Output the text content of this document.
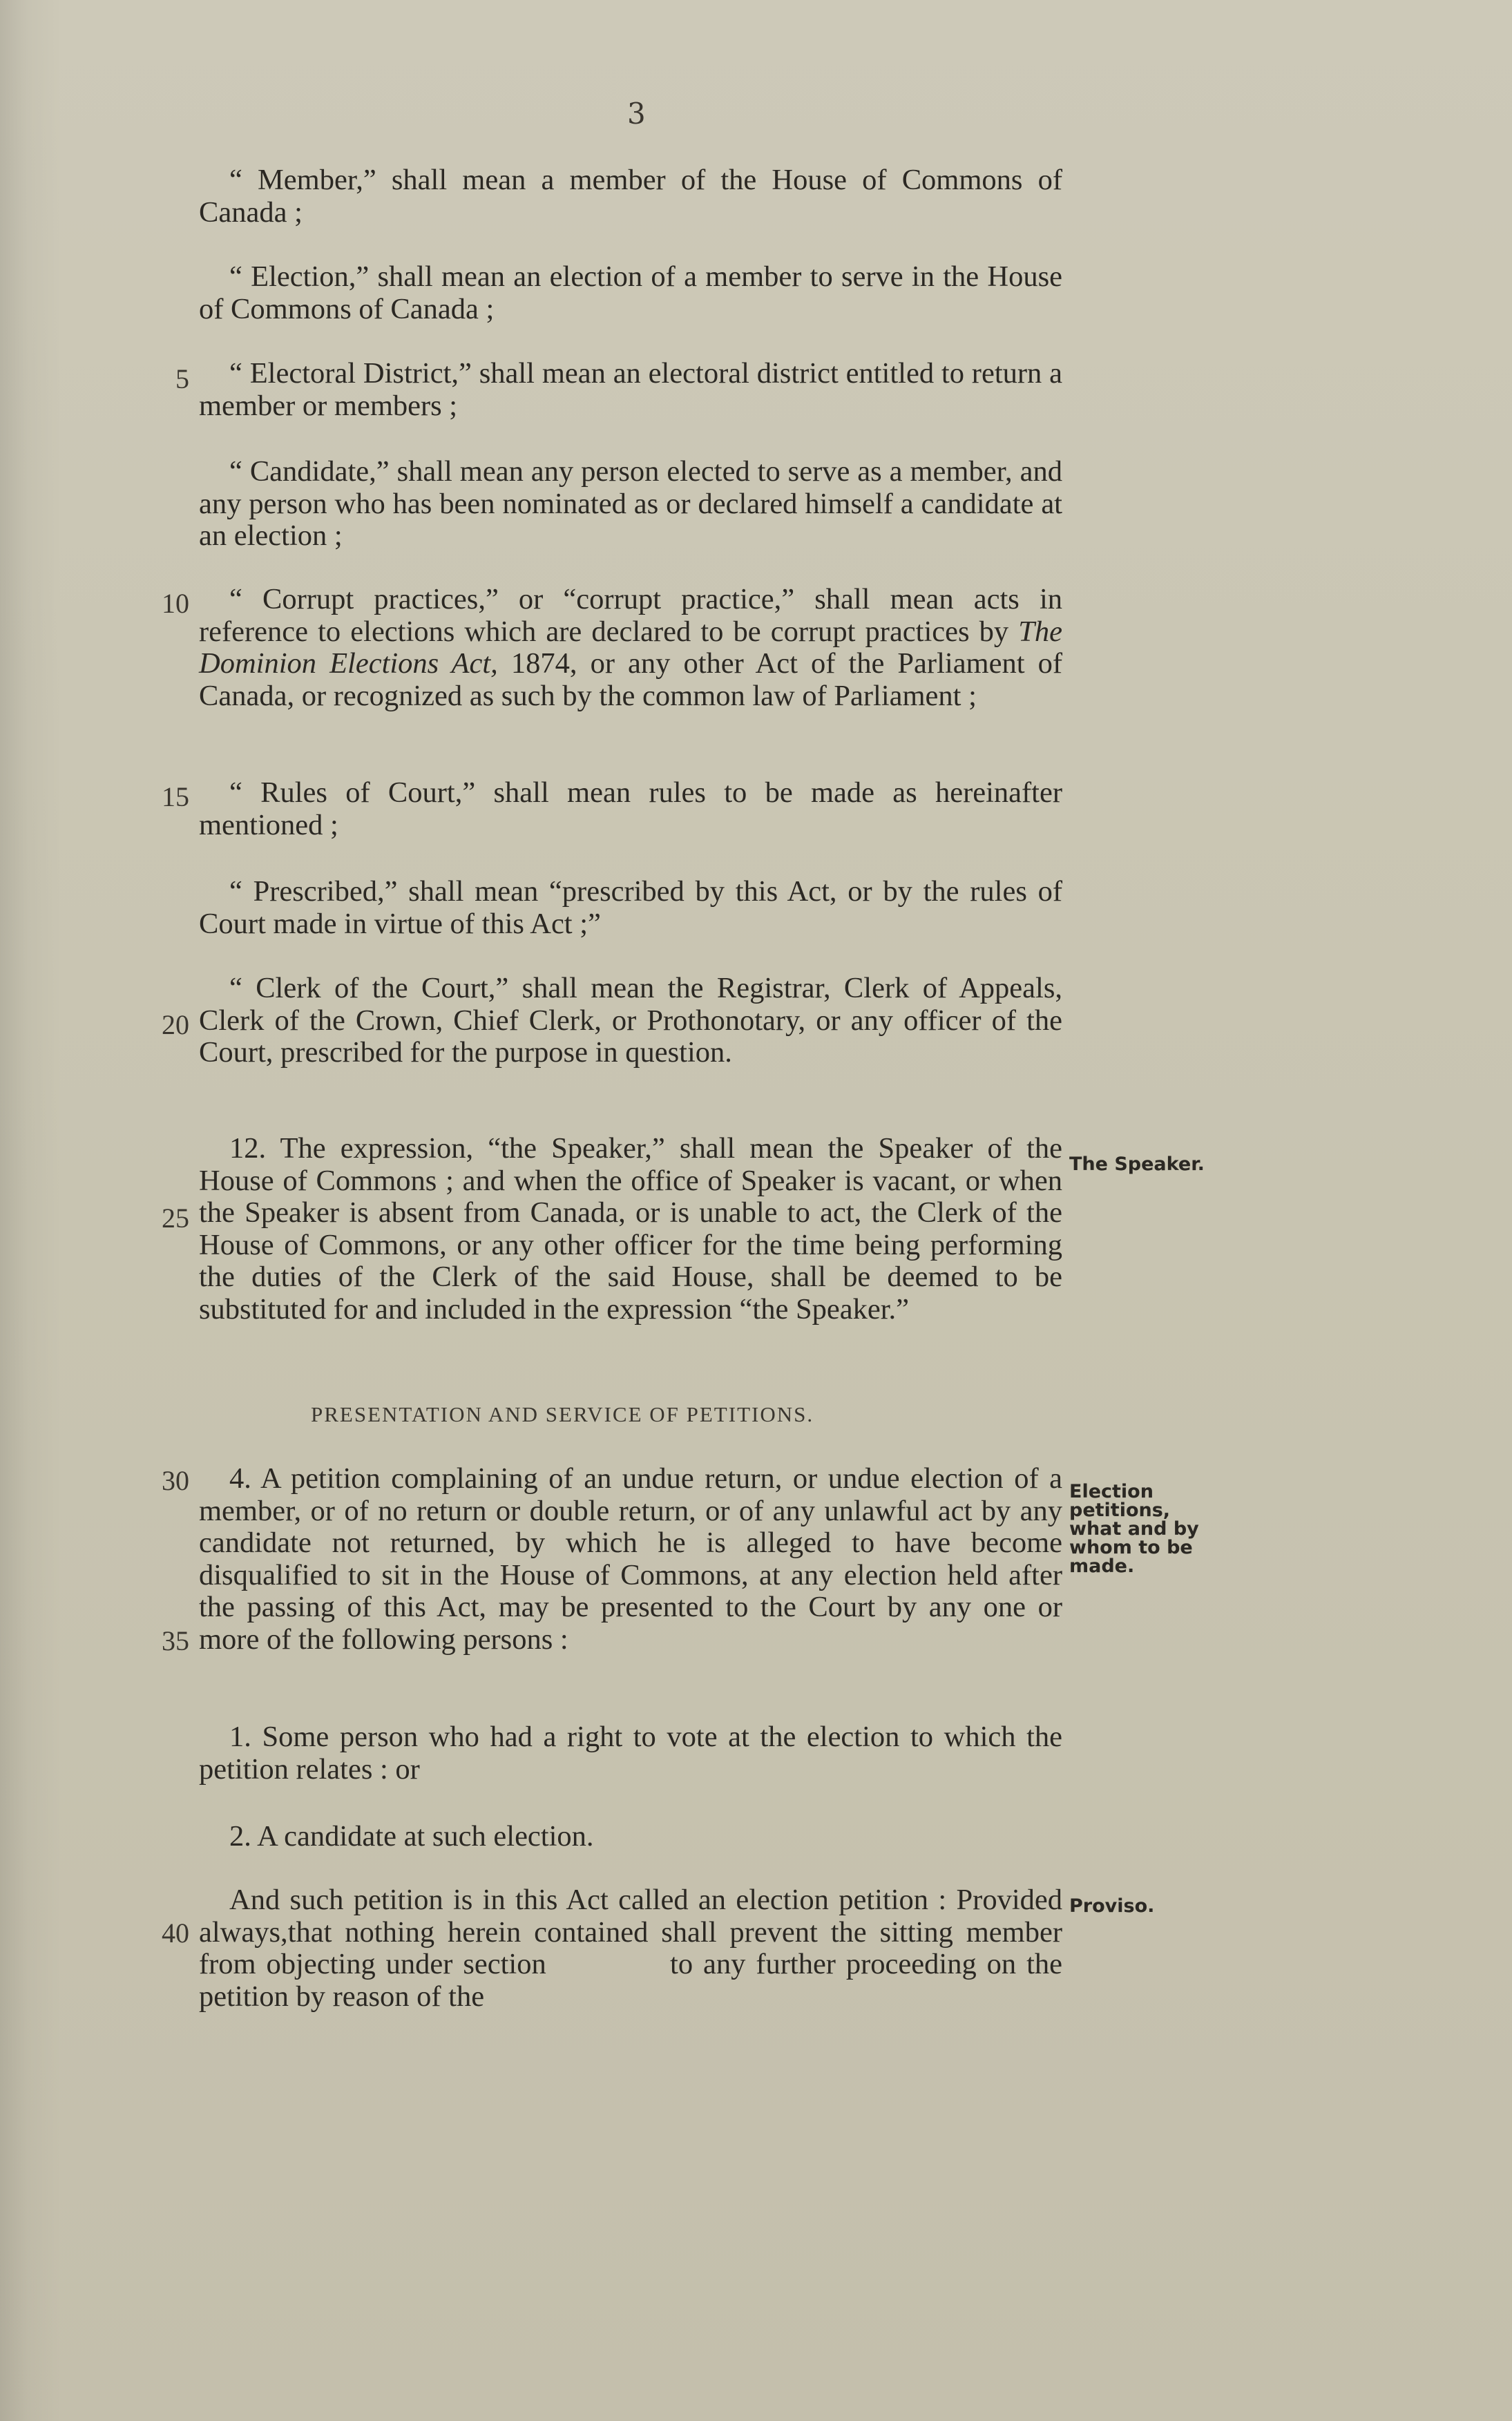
3

“ Member,” shall mean a member of the House of Commons of Canada ;

“ Election,” shall mean an election of a member to serve in the House of Commons of Canada ;

5	“ Electoral District,” shall mean an electoral district entitled to return a member or members ;

“ Candidate,” shall mean any person elected to serve as a member, and any person who has been nominated as or declared himself a candidate at an election ;

10	“ Corrupt practices,” or “corrupt practice,” shall mean acts in reference to elections which are declared to be corrupt practices by The Dominion Elections Act, 1874, or any other Act of the Parliament of Canada, or recognized as such by the common law of Parliament ;

15	“ Rules of Court,” shall mean rules to be made as hereinafter mentioned ;

“ Prescribed,” shall mean “prescribed by this Act, or by the rules of Court made in virtue of this Act ;”

20

“ Clerk of the Court,” shall mean the Registrar, Clerk of Appeals, Clerk of the Crown, Chief Clerk, or Prothonotary, or any officer of the Court, prescribed for the purpose in question.

25

12. The expression, “the Speaker,” shall mean the Speaker of the House of Commons ; and when the office of Speaker is vacant, or when the Speaker is absent from Canada, or is unable to act, the Clerk of the House of Commons, or any other officer for the time being performing the duties of the Clerk of the said House, shall be deemed to be substituted for and included in the expression “the Speaker.”

The Speaker.
PRESENTATION AND SERVICE OF PETITIONS.
30
35

4. A petition complaining of an undue return, or undue election of a member, or of no return or double return, or of any unlawful act by any candidate not returned, by which he is alleged to have become disqualified to sit in the House of Commons, at any election held after the passing of this Act, may be presented to the Court by any one or more of the following persons :

Election
petitions,
what and by
whom to be
made.

1. Some person who had a right to vote at the election to which the petition relates : or

2. A candidate at such election.

40

And such petition is in this Act called an election petition : Provided always,that nothing herein contained shall prevent the sitting member from objecting under section            to any further proceeding on the petition by reason of the

Proviso.
